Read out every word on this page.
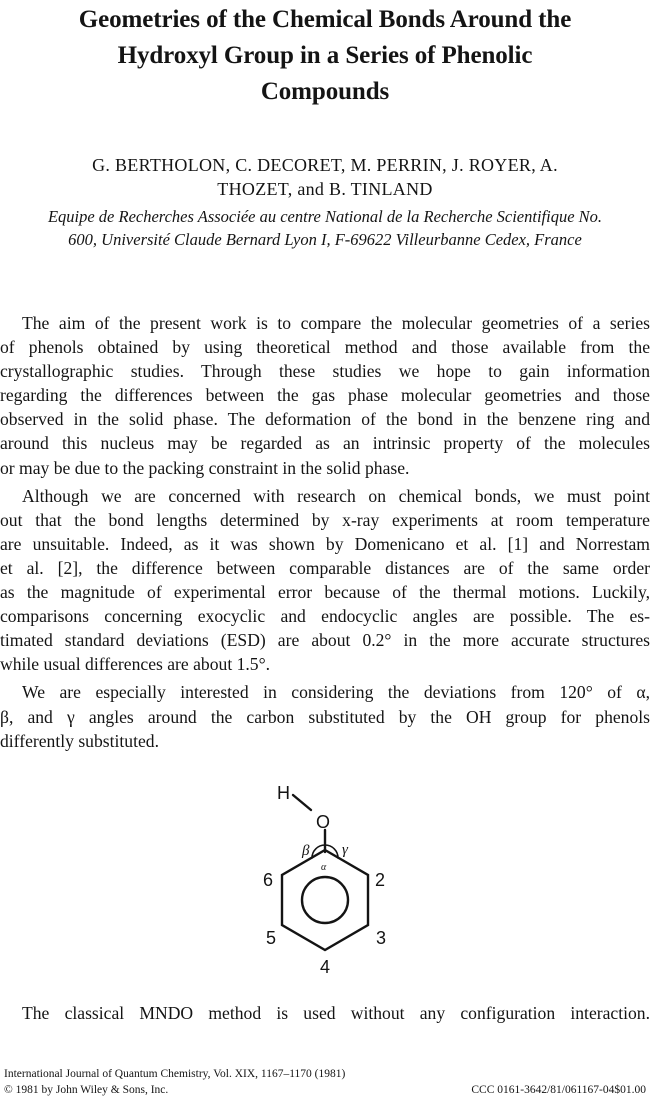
Geometries of the Chemical Bonds Around the
Hydroxyl Group in a Series of Phenolic
Compounds
G. BERTHOLON, C. DECORET, M. PERRIN, J. ROYER, A.
THOZET, and B. TINLAND
Equipe de Recherches Associée au centre National de la Recherche Scientifique No.
600, Université Claude Bernard Lyon I, F-69622 Villeurbanne Cedex, France

The aim of the present work is to compare the molecular geometries of a series

of phenols obtained by using theoretical method and those available from the

crystallographic studies. Through these studies we hope to gain information

regarding the differences between the gas phase molecular geometries and those

observed in the solid phase. The deformation of the bond in the benzene ring and

around this nucleus may be regarded as an intrinsic property of the molecules

or may be due to the packing constraint in the solid phase.

Although we are concerned with research on chemical bonds, we must point

out that the bond lengths determined by x-ray experiments at room temperature

are unsuitable. Indeed, as it was shown by Domenicano et al. [1] and Norrestam

et al. [2], the difference between comparable distances are of the same order

as the magnitude of experimental error because of the thermal motions. Luckily,

comparisons concerning exocyclic and endocyclic angles are possible. The es-

timated standard deviations (ESD) are about 0.2° in the more accurate structures

while usual differences are about 1.5°.

We are especially interested in considering the deviations from 120° of α,

β, and γ angles around the carbon substituted by the OH group for phenols

differently substituted.

H
O
β γ
α
2
3
4
5
6
The classical MNDO method is used without any configuration interaction.
International Journal of Quantum Chemistry, Vol. XIX, 1167–1170 (1981)
© 1981 by John Wiley & Sons, Inc.	CCC 0161-3642/81/061167-04$01.00
